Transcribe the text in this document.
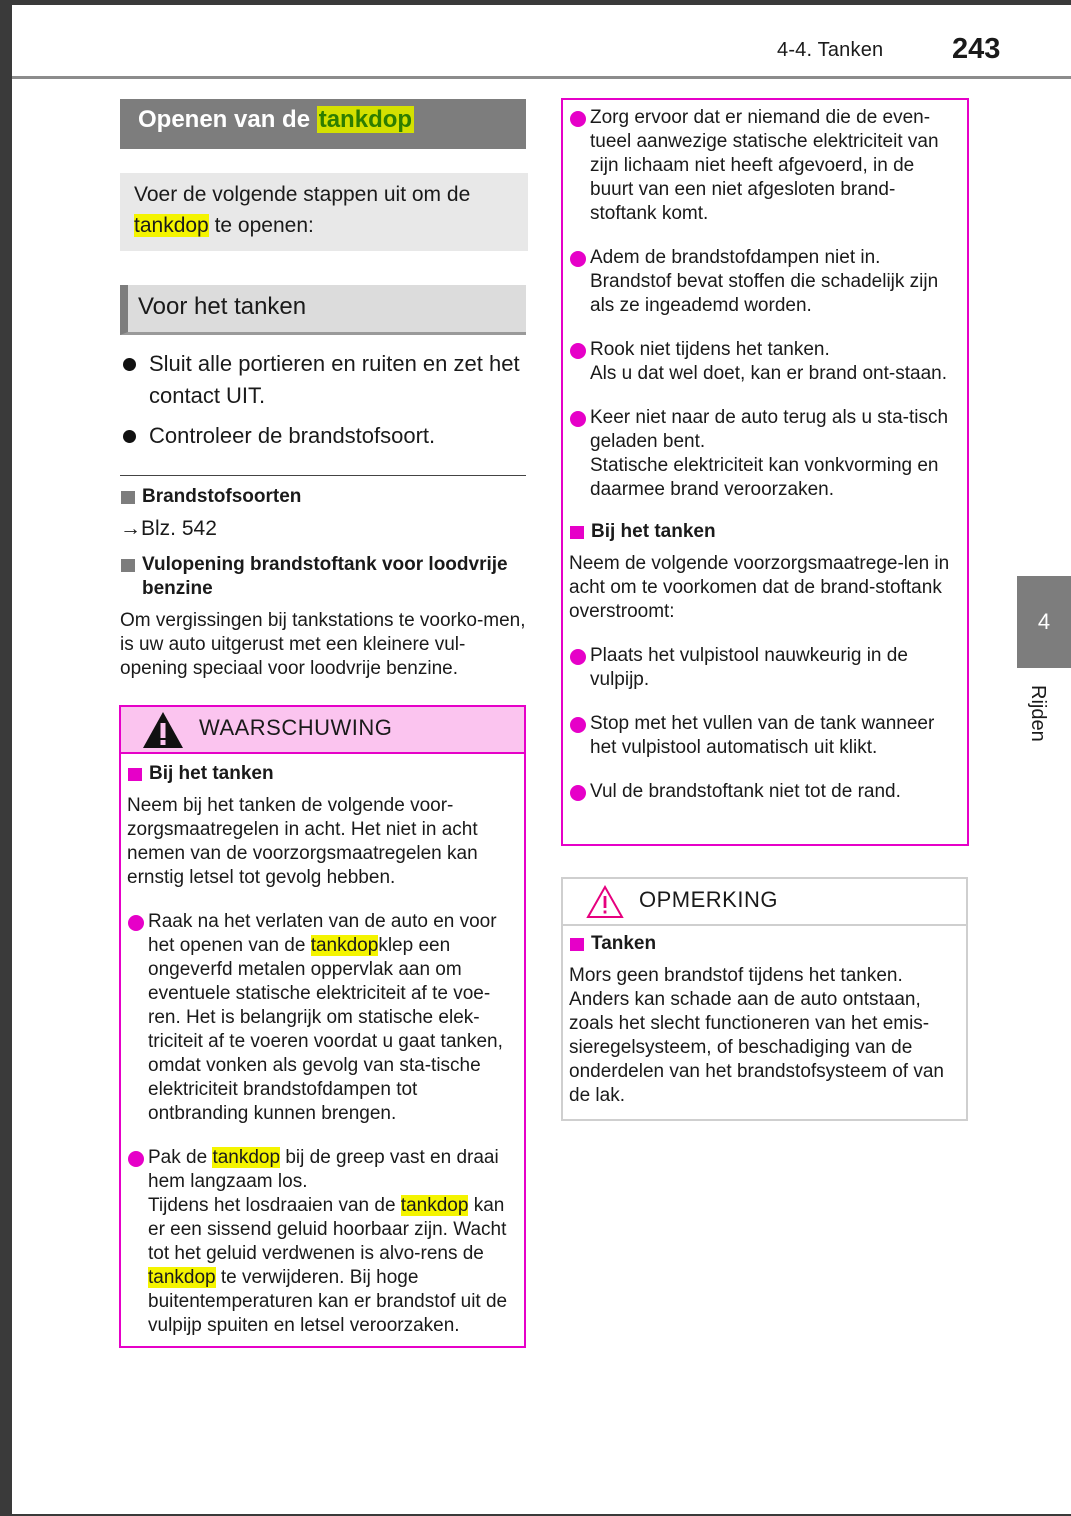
4-4. Tanken 243
4
Rijden
Openen van de tankdop

Voer de volgende stappen uit om de

tankdop te openen:

Voor het tanken
Sluit alle portieren en ruiten en zet het contact UIT.
Controleer de brandstofsoort.
Brandstofsoorten

→Blz. 542

Vulopening brandstoftank voor loodvrije benzine

Om vergissingen bij tankstations te voorko-men, is uw auto uitgerust met een kleinere vul-opening speciaal voor loodvrije benzine.

WAARSCHUWING
Bij het tanken

Neem bij het tanken de volgende voor-zorgsmaatregelen in acht. Het niet in acht nemen van de voorzorgsmaatregelen kan ernstig letsel tot gevolg hebben.

Raak na het verlaten van de auto en voor het openen van de tankdopklep een ongeverfd metalen oppervlak aan om eventuele statische elektriciteit af te voe-ren. Het is belangrijk om statische elek-triciteit af te voeren voordat u gaat tanken, omdat vonken als gevolg van sta-tische elektriciteit brandstofdampen tot ontbranding kunnen brengen.

Pak de tankdop bij de greep vast en draai hem langzaam los.

Tijdens het losdraaien van de tankdop kan er een sissend geluid hoorbaar zijn. Wacht tot het geluid verdwenen is alvo-rens de tankdop te verwijderen. Bij hoge buitentemperaturen kan er brandstof uit de vulpijp spuiten en letsel veroorzaken.

Zorg ervoor dat er niemand die de even-tueel aanwezige statische elektriciteit van zijn lichaam niet heeft afgevoerd, in de buurt van een niet afgesloten brand-stoftank komt.

Adem de brandstofdampen niet in.

Brandstof bevat stoffen die schadelijk zijn als ze ingeademd worden.

Rook niet tijdens het tanken.

Als u dat wel doet, kan er brand ont-staan.

Keer niet naar de auto terug als u sta-tisch geladen bent.

Statische elektriciteit kan vonkvorming en daarmee brand veroorzaken.

Bij het tanken

Neem de volgende voorzorgsmaatrege-len in acht om te voorkomen dat de brand-stoftank overstroomt:

Plaats het vulpistool nauwkeurig in de vulpijp.

Stop met het vullen van de tank wanneer het vulpistool automatisch uit klikt.

Vul de brandstoftank niet tot de rand.

OPMERKING
Tanken

Mors geen brandstof tijdens het tanken. Anders kan schade aan de auto ontstaan, zoals het slecht functioneren van het emis-sieregelsysteem, of beschadiging van de onderdelen van het brandstofsysteem of van de lak.
